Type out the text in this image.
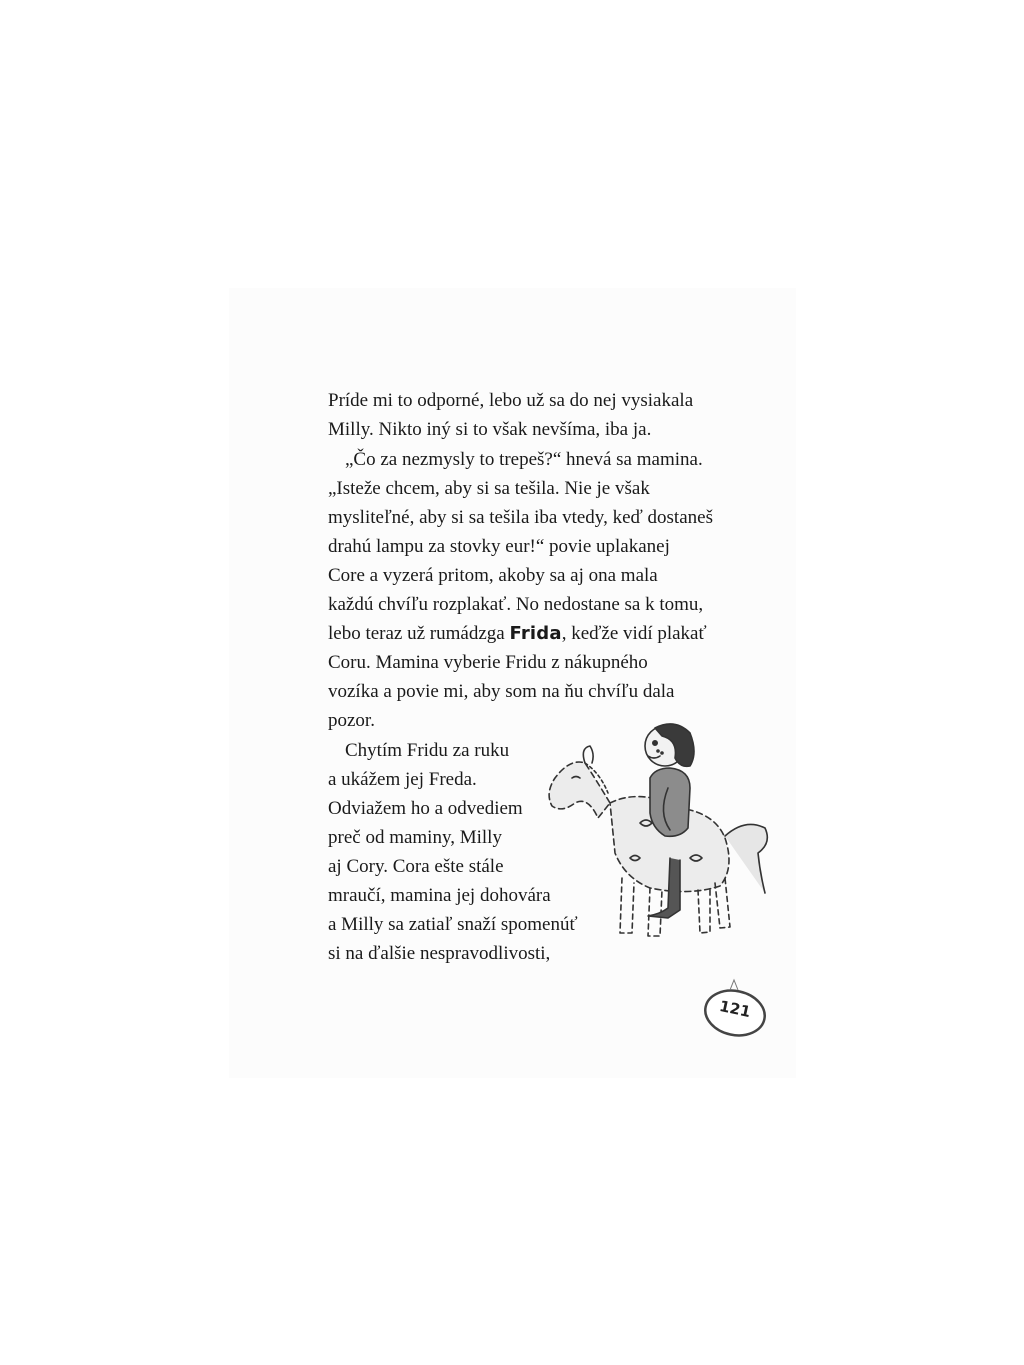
Príde mi to odporné, lebo už sa do nej vysiakala

Milly. Nikto iný si to však nevšíma, iba ja.

„Čo za nezmysly to trepeš?“ hnevá sa mamina.

„Isteže chcem, aby si sa tešila. Nie je však

mysliteľné, aby si sa tešila iba vtedy, keď dostaneš

drahú lampu za stovky eur!“ povie uplakanej

Core a vyzerá pritom, akoby sa aj ona mala

každú chvíľu rozplakať. No nedostane sa k tomu,

lebo teraz už rumádzga Frida, keďže vidí plakať

Coru. Mamina vyberie Fridu z nákupného

vozíka a povie mi, aby som na ňu chvíľu dala

pozor.

Chytím Fridu za ruku

a ukážem jej Freda.

Odviažem ho a odvediem

preč od maminy, Milly

aj Cory. Cora ešte stále

mraučí, mamina jej dohovára

a Milly sa zatiaľ snaží spomenúť

si na ďalšie nespravodlivosti,

121
